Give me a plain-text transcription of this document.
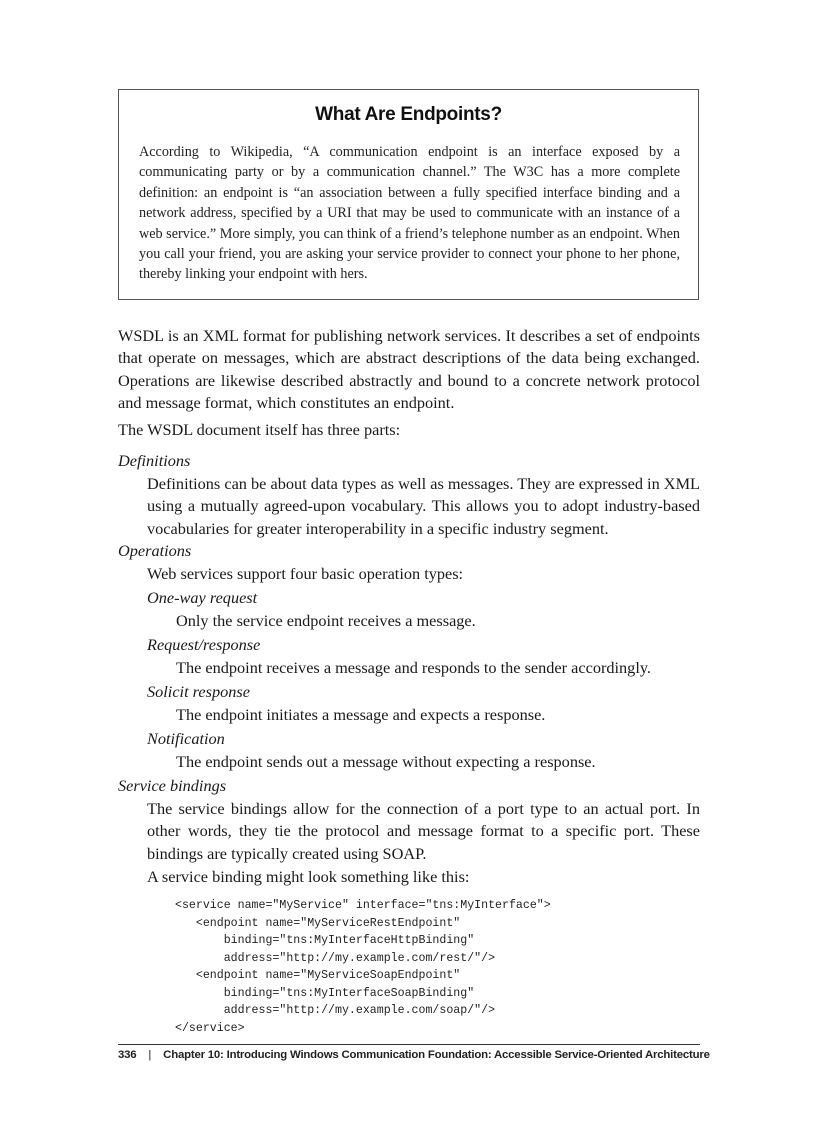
What Are Endpoints?
According to Wikipedia, “A communication endpoint is an interface exposed by a communicating party or by a communication channel.” The W3C has a more complete definition: an endpoint is “an association between a fully specified interface binding and a network address, specified by a URI that may be used to communicate with an instance of a web service.” More simply, you can think of a friend’s telephone number as an endpoint. When you call your friend, you are asking your service provider to connect your phone to her phone, thereby linking your endpoint with hers.

WSDL is an XML format for publishing network services. It describes a set of endpoints that operate on messages, which are abstract descriptions of the data being exchanged. Operations are likewise described abstractly and bound to a concrete network protocol and message format, which constitutes an endpoint.

The WSDL document itself has three parts:

Definitions
Definitions can be about data types as well as messages. They are expressed in XML using a mutually agreed-upon vocabulary. This allows you to adopt industry-based vocabularies for greater interoperability in a specific industry segment.
Operations
Web services support four basic operation types:
One-way request
Only the service endpoint receives a message.
Request/response
The endpoint receives a message and responds to the sender accordingly.
Solicit response
The endpoint initiates a message and expects a response.
Notification
The endpoint sends out a message without expecting a response.
Service bindings
The service bindings allow for the connection of a port type to an actual port. In other words, they tie the protocol and message format to a specific port. These bindings are typically created using SOAP.
A service binding might look something like this:
<service name="MyService" interface="tns:MyInterface">
<endpoint name="MyServiceRestEndpoint"
binding="tns:MyInterfaceHttpBinding"
address="http://my.example.com/rest/"/>
<endpoint name="MyServiceSoapEndpoint"
binding="tns:MyInterfaceSoapBinding"
address="http://my.example.com/soap/"/>
</service>
336 | Chapter 10: Introducing Windows Communication Foundation: Accessible Service-Oriented Architecture
